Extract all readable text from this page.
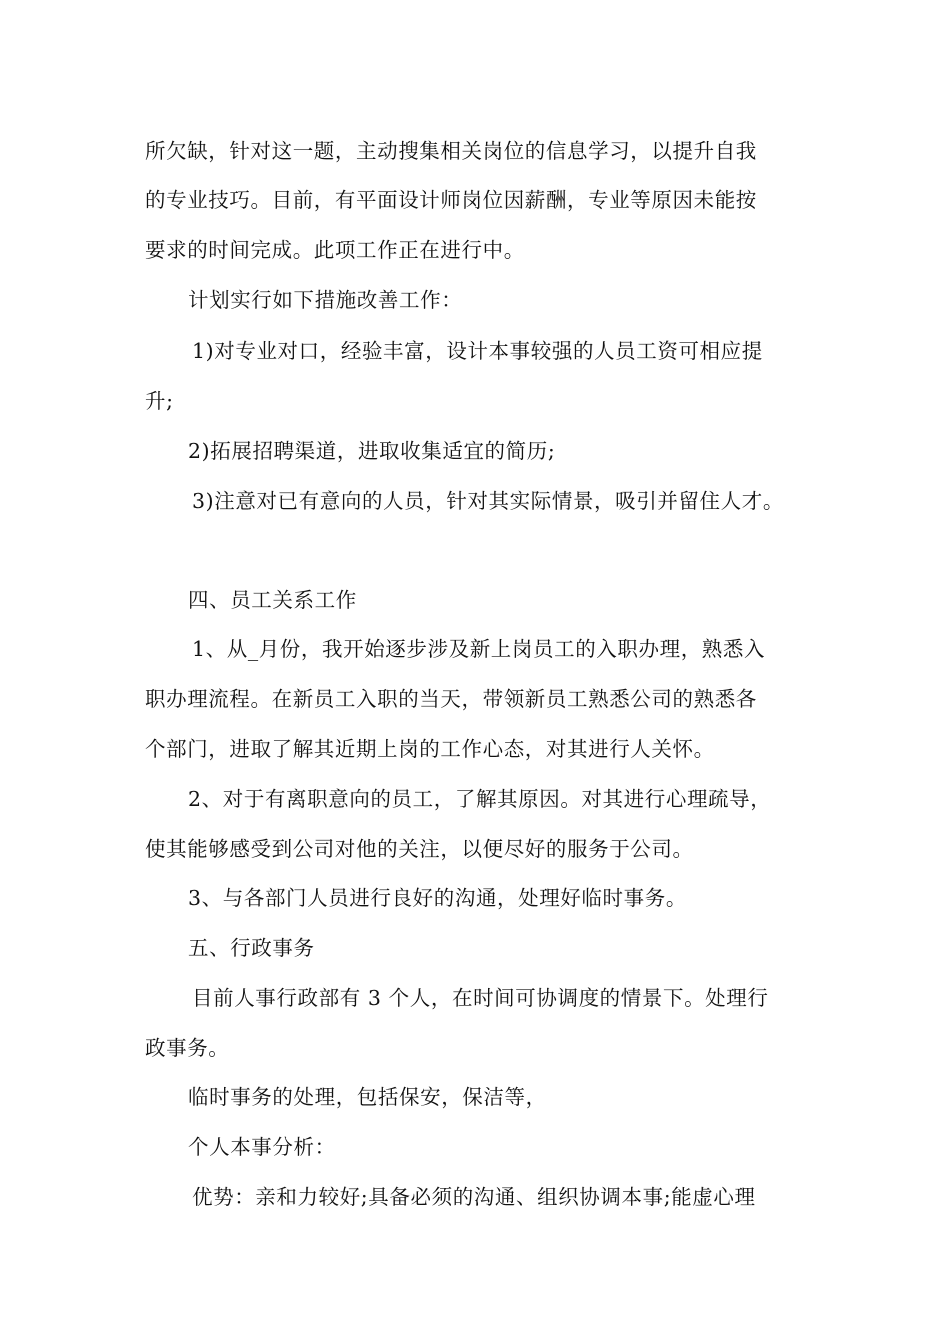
所欠缺，针对这一题，主动搜集相关岗位的信息学习，以提升自我
的专业技巧。目前，有平面设计师岗位因薪酬，专业等原因未能按
要求的时间完成。此项工作正在进行中。
计划实行如下措施改善工作：
1)对专业对口，经验丰富，设计本事较强的人员工资可相应提
升;
2)拓展招聘渠道，进取收集适宜的简历;
3)注意对已有意向的人员，针对其实际情景，吸引并留住人才。
四、员工关系工作
1、从_月份，我开始逐步涉及新上岗员工的入职办理，熟悉入
职办理流程。在新员工入职的当天，带领新员工熟悉公司的熟悉各
个部门，进取了解其近期上岗的工作心态，对其进行人关怀。
2、对于有离职意向的员工，了解其原因。对其进行心理疏导，
使其能够感受到公司对他的关注，以便尽好的服务于公司。
3、与各部门人员进行良好的沟通，处理好临时事务。
五、行政事务
目前人事行政部有 3 个人，在时间可协调度的情景下。处理行
政事务。
临时事务的处理，包括保安，保洁等，
个人本事分析：
优势：亲和力较好;具备必须的沟通、组织协调本事;能虚心理
